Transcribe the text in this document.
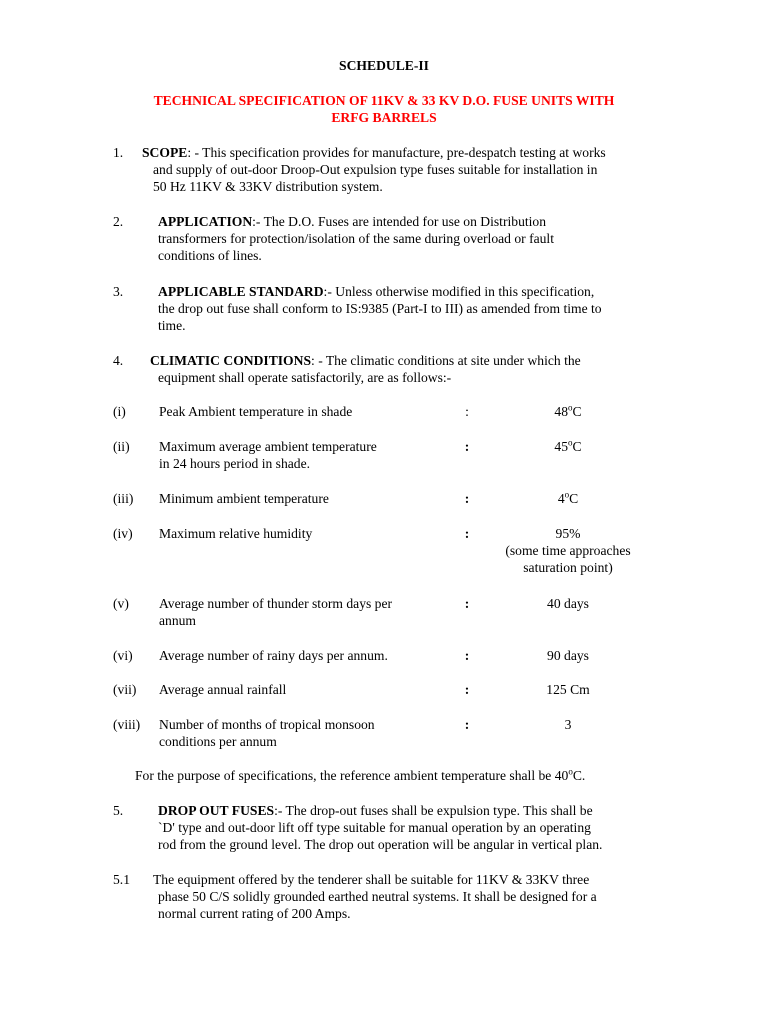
SCHEDULE-II
TECHNICAL SPECIFICATION OF 11KV & 33 KV D.O. FUSE UNITS WITH
ERFG BARRELS
1. SCOPE: - This specification provides for manufacture, pre-despatch testing at works
and supply of out-door Droop-Out expulsion type fuses suitable for installation in
50 Hz 11KV & 33KV distribution system.
2.	APPLICATION:- The D.O. Fuses are intended for use on Distribution
transformers for protection/isolation of the same during overload or fault
conditions of lines.
3.	APPLICABLE STANDARD:- Unless otherwise modified in this specification,
the drop out fuse shall conform to IS:9385 (Part-I to III) as amended from time to
time.
4. CLIMATIC CONDITIONS: - The climatic conditions at site under which the
equipment shall operate satisfactorily, are as follows:-
(i) Peak Ambient temperature in shade	:	48$^o$C
(ii) Maximum average ambient temperature
in 24 hours period in shade.
:	45$^o$C
(iii) Minimum ambient temperature	:	4$^o$C
(iv) Maximum relative humidity	:	95%
(some time approaches
saturation point)
(v) Average number of thunder storm days per
annum
:	40 days
(vi) Average number of rainy days per annum.	:	90 days
(vii) Average annual rainfall	:	125 Cm
(viii) Number of months of tropical monsoon
conditions per annum
:	3
For the purpose of specifications, the reference ambient temperature shall be 40$^o$C.
5.	DROP OUT FUSES:- The drop-out fuses shall be expulsion type. This shall be
`D' type and out-door lift off type suitable for manual operation by an operating
rod from the ground level. The drop out operation will be angular in vertical plan.
5.1 The equipment offered by the tenderer shall be suitable for 11KV & 33KV three
phase 50 C/S solidly grounded earthed neutral systems. It shall be designed for a
normal current rating of 200 Amps.
